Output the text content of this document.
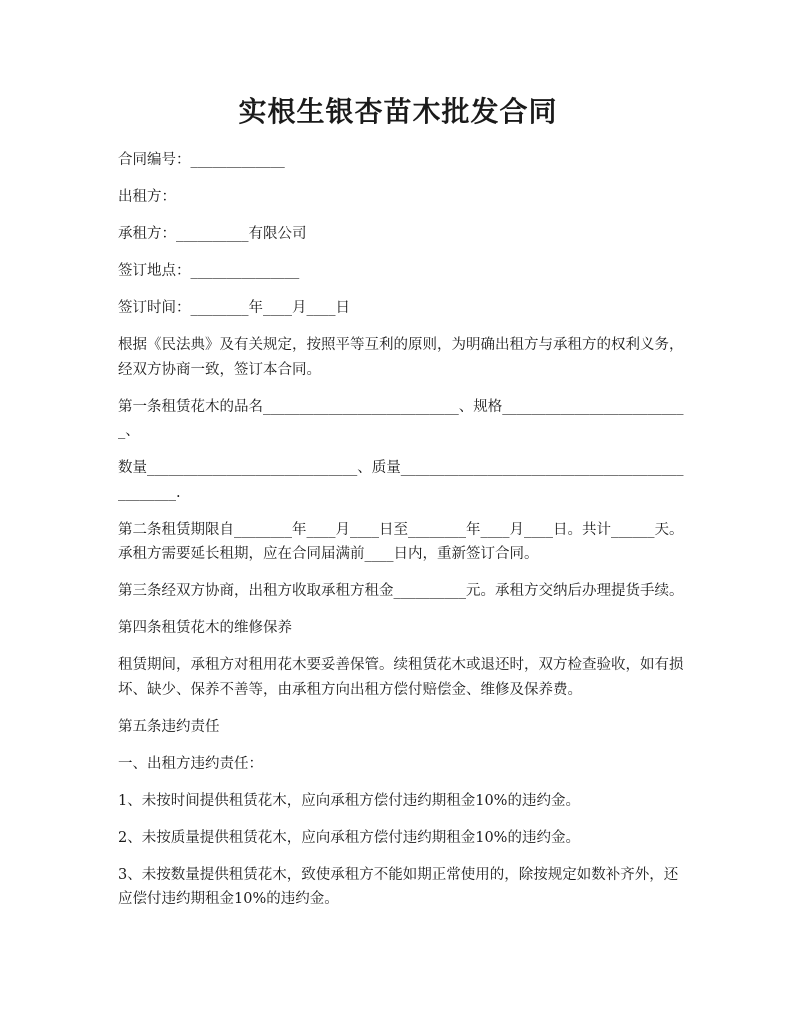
实根生银杏苗木批发合同

合同编号：_____________

出租方：

承租方：__________有限公司

签订地点：_______________

签订时间：________年____月____日

根据《民法典》及有关规定，按照平等互利的原则，为明确出租方与承租方的权利义务，经双方协商一致，签订本合同。

第一条租赁花木的品名___________________________、规格__________________________、

数量_____________________________、质量_______________________________________________.

第二条租赁期限自________年____月____日至________年____月____日。共计______天。承租方需要延长租期，应在合同届满前____日内，重新签订合同。

第三条经双方协商，出租方收取承租方租金__________元。承租方交纳后办理提货手续。

第四条租赁花木的维修保养

租赁期间，承租方对租用花木要妥善保管。续租赁花木或退还时，双方检查验收，如有损坏、缺少、保养不善等，由承租方向出租方偿付赔偿金、维修及保养费。

第五条违约责任

一、出租方违约责任：

1、未按时间提供租赁花木，应向承租方偿付违约期租金10%的违约金。

2、未按质量提供租赁花木，应向承租方偿付违约期租金10%的违约金。

3、未按数量提供租赁花木，致使承租方不能如期正常使用的，除按规定如数补齐外，还应偿付违约期租金10%的违约金。
